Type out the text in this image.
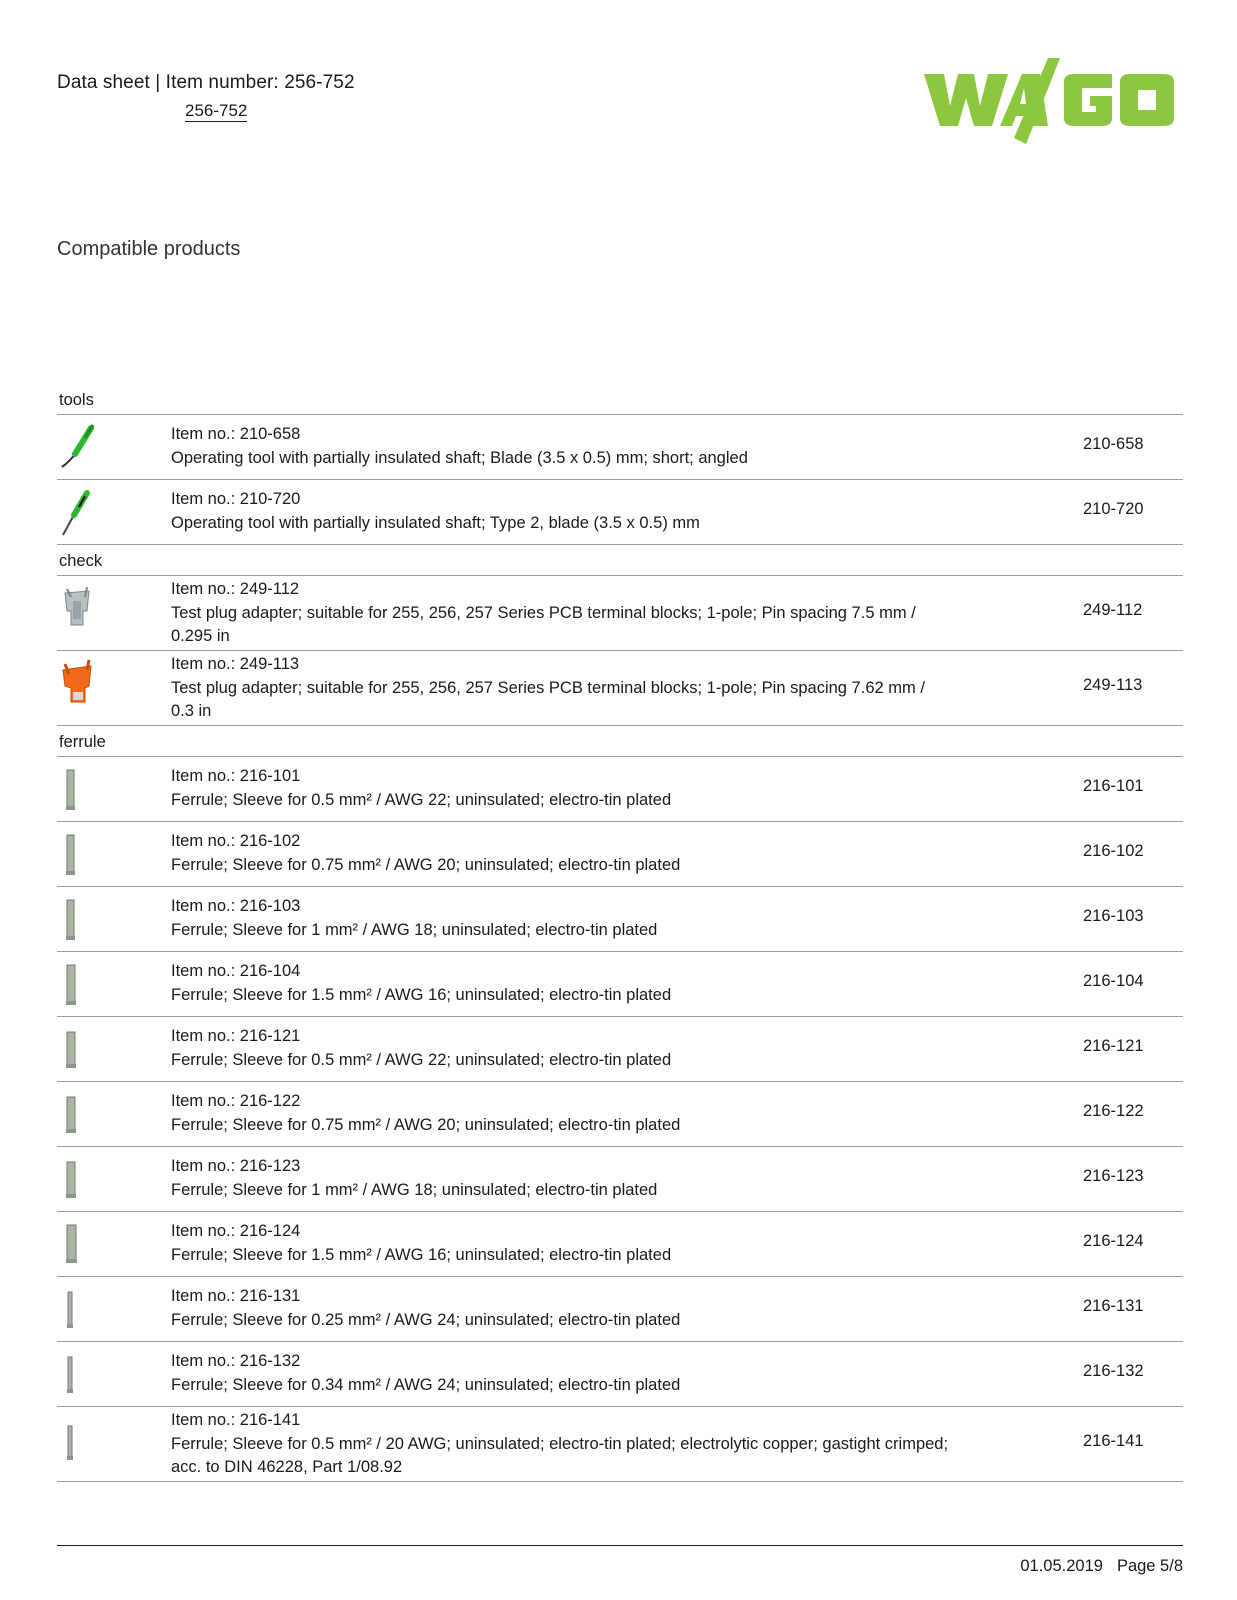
Data sheet | Item number: 256-752
256-752
Compatible products
tools
Item no.: 210-658
Operating tool with partially insulated shaft; Blade (3.5 x 0.5) mm; short; angled
210-658
Item no.: 210-720
Operating tool with partially insulated shaft; Type 2, blade (3.5 x 0.5) mm
210-720
check
Item no.: 249-112
Test plug adapter; suitable for 255, 256, 257 Series PCB terminal blocks; 1-pole; Pin spacing 7.5 mm / 0.295 in
249-112
Item no.: 249-113
Test plug adapter; suitable for 255, 256, 257 Series PCB terminal blocks; 1-pole; Pin spacing 7.62 mm / 0.3 in
249-113
ferrule
Item no.: 216-101
Ferrule; Sleeve for 0.5 mm² / AWG 22; uninsulated; electro-tin plated
216-101
Item no.: 216-102
Ferrule; Sleeve for 0.75 mm² / AWG 20; uninsulated; electro-tin plated
216-102
Item no.: 216-103
Ferrule; Sleeve for 1 mm² / AWG 18; uninsulated; electro-tin plated
216-103
Item no.: 216-104
Ferrule; Sleeve for 1.5 mm² / AWG 16; uninsulated; electro-tin plated
216-104
Item no.: 216-121
Ferrule; Sleeve for 0.5 mm² / AWG 22; uninsulated; electro-tin plated
216-121
Item no.: 216-122
Ferrule; Sleeve for 0.75 mm² / AWG 20; uninsulated; electro-tin plated
216-122
Item no.: 216-123
Ferrule; Sleeve for 1 mm² / AWG 18; uninsulated; electro-tin plated
216-123
Item no.: 216-124
Ferrule; Sleeve for 1.5 mm² / AWG 16; uninsulated; electro-tin plated
216-124
Item no.: 216-131
Ferrule; Sleeve for 0.25 mm² / AWG 24; uninsulated; electro-tin plated
216-131
Item no.: 216-132
Ferrule; Sleeve for 0.34 mm² / AWG 24; uninsulated; electro-tin plated
216-132
Item no.: 216-141
Ferrule; Sleeve for 0.5 mm² / 20 AWG; uninsulated; electro-tin plated; electrolytic copper; gastight crimped; acc. to DIN 46228, Part 1/08.92
216-141
01.05.2019 Page 5/8
